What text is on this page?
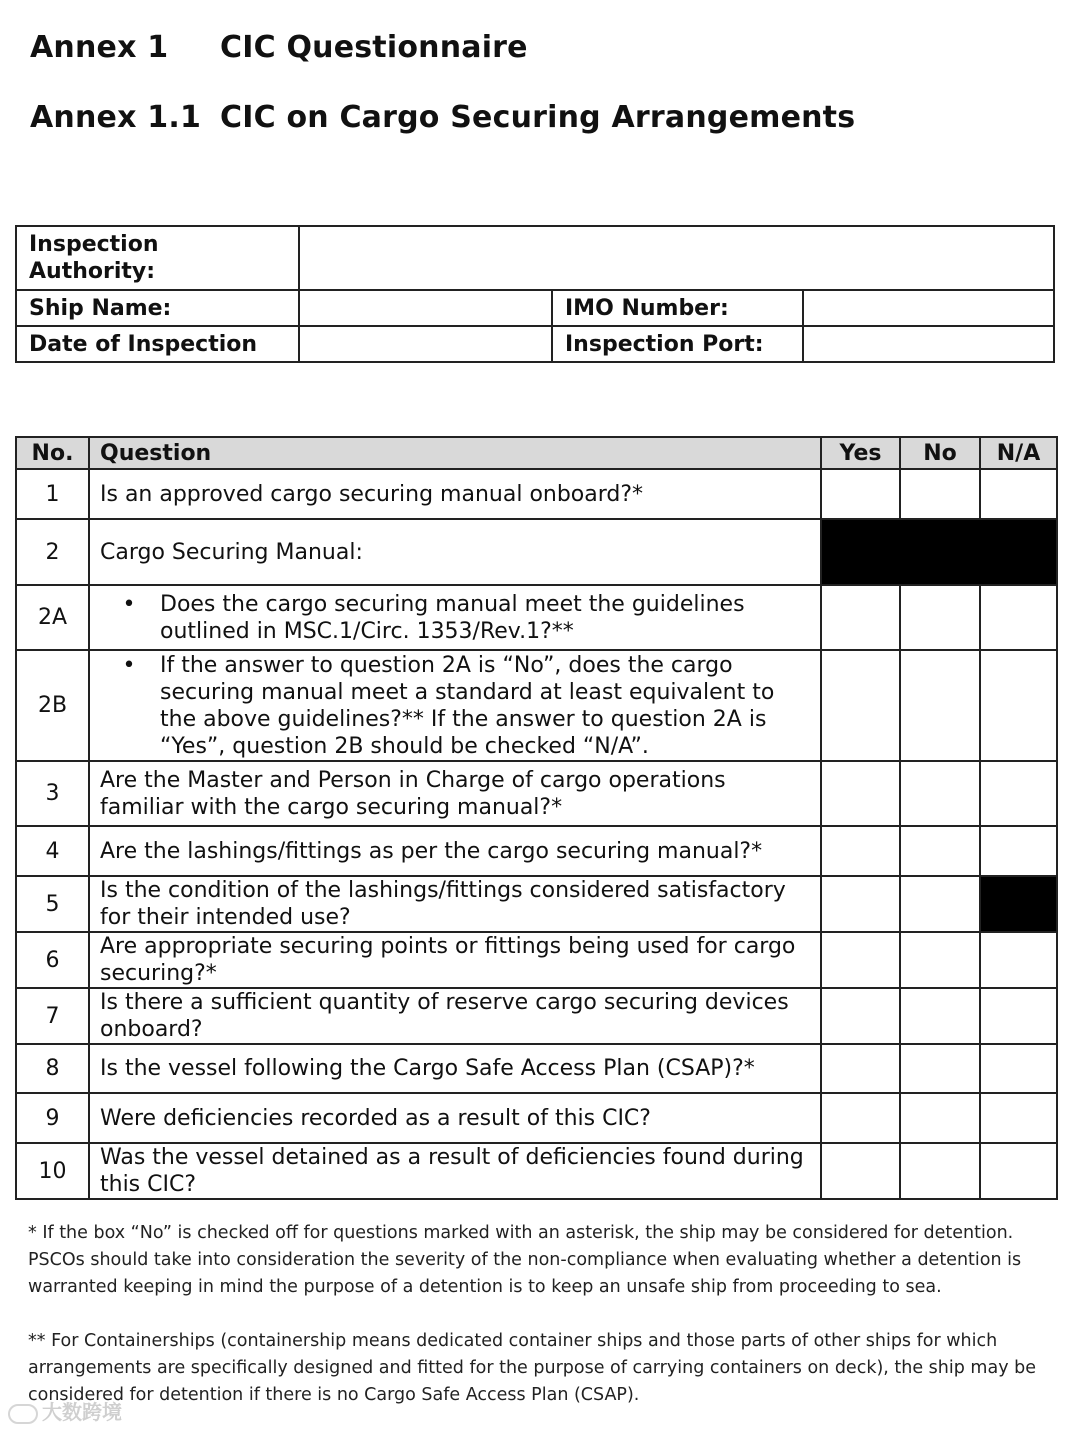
Annex 1 CIC Questionnaire
Annex 1.1 CIC on Cargo Securing Arrangements
Inspection Authority:			
Ship Name:		IMO Number:	
Date of Inspection		Inspection Port:	
No.	Question	Yes	No	N/A
1	Is an approved cargo securing manual onboard?*			
2	Cargo Securing Manual:			
2A	• Does the cargo securing manual meet the guidelines outlined in MSC.1/Circ. 1353/Rev.1?**			

2B	• If the answer to question 2A is “No”, does the cargo securing manual meet a standard at least equivalent to the above guidelines?** If the answer to question 2A is “Yes”, question 2B should be checked “N/A”.			

3	Are the Master and Person in Charge of cargo operations familiar with the cargo securing manual?*			
4	Are the lashings/fittings as per the cargo securing manual?*			
5	Is the condition of the lashings/fittings considered satisfactory for their intended use?			
6	Are appropriate securing points or fittings being used for cargo securing?*			
7	Is there a sufficient quantity of reserve cargo securing devices onboard?			
8	Is the vessel following the Cargo Safe Access Plan (CSAP)?*			
9	Were deficiencies recorded as a result of this CIC?			
10	Was the vessel detained as a result of deficiencies found during this CIC?			

* If the box “No” is checked off for questions marked with an asterisk, the ship may be considered for detention. PSCOs should take into consideration the severity of the non-compliance when evaluating whether a detention is warranted keeping in mind the purpose of a detention is to keep an unsafe ship from proceeding to sea.

** For Containerships (containership means dedicated container ships and those parts of other ships for which arrangements are specifically designed and fitted for the purpose of carrying containers on deck), the ship may be considered for detention if there is no Cargo Safe Access Plan (CSAP).

大数跨境
